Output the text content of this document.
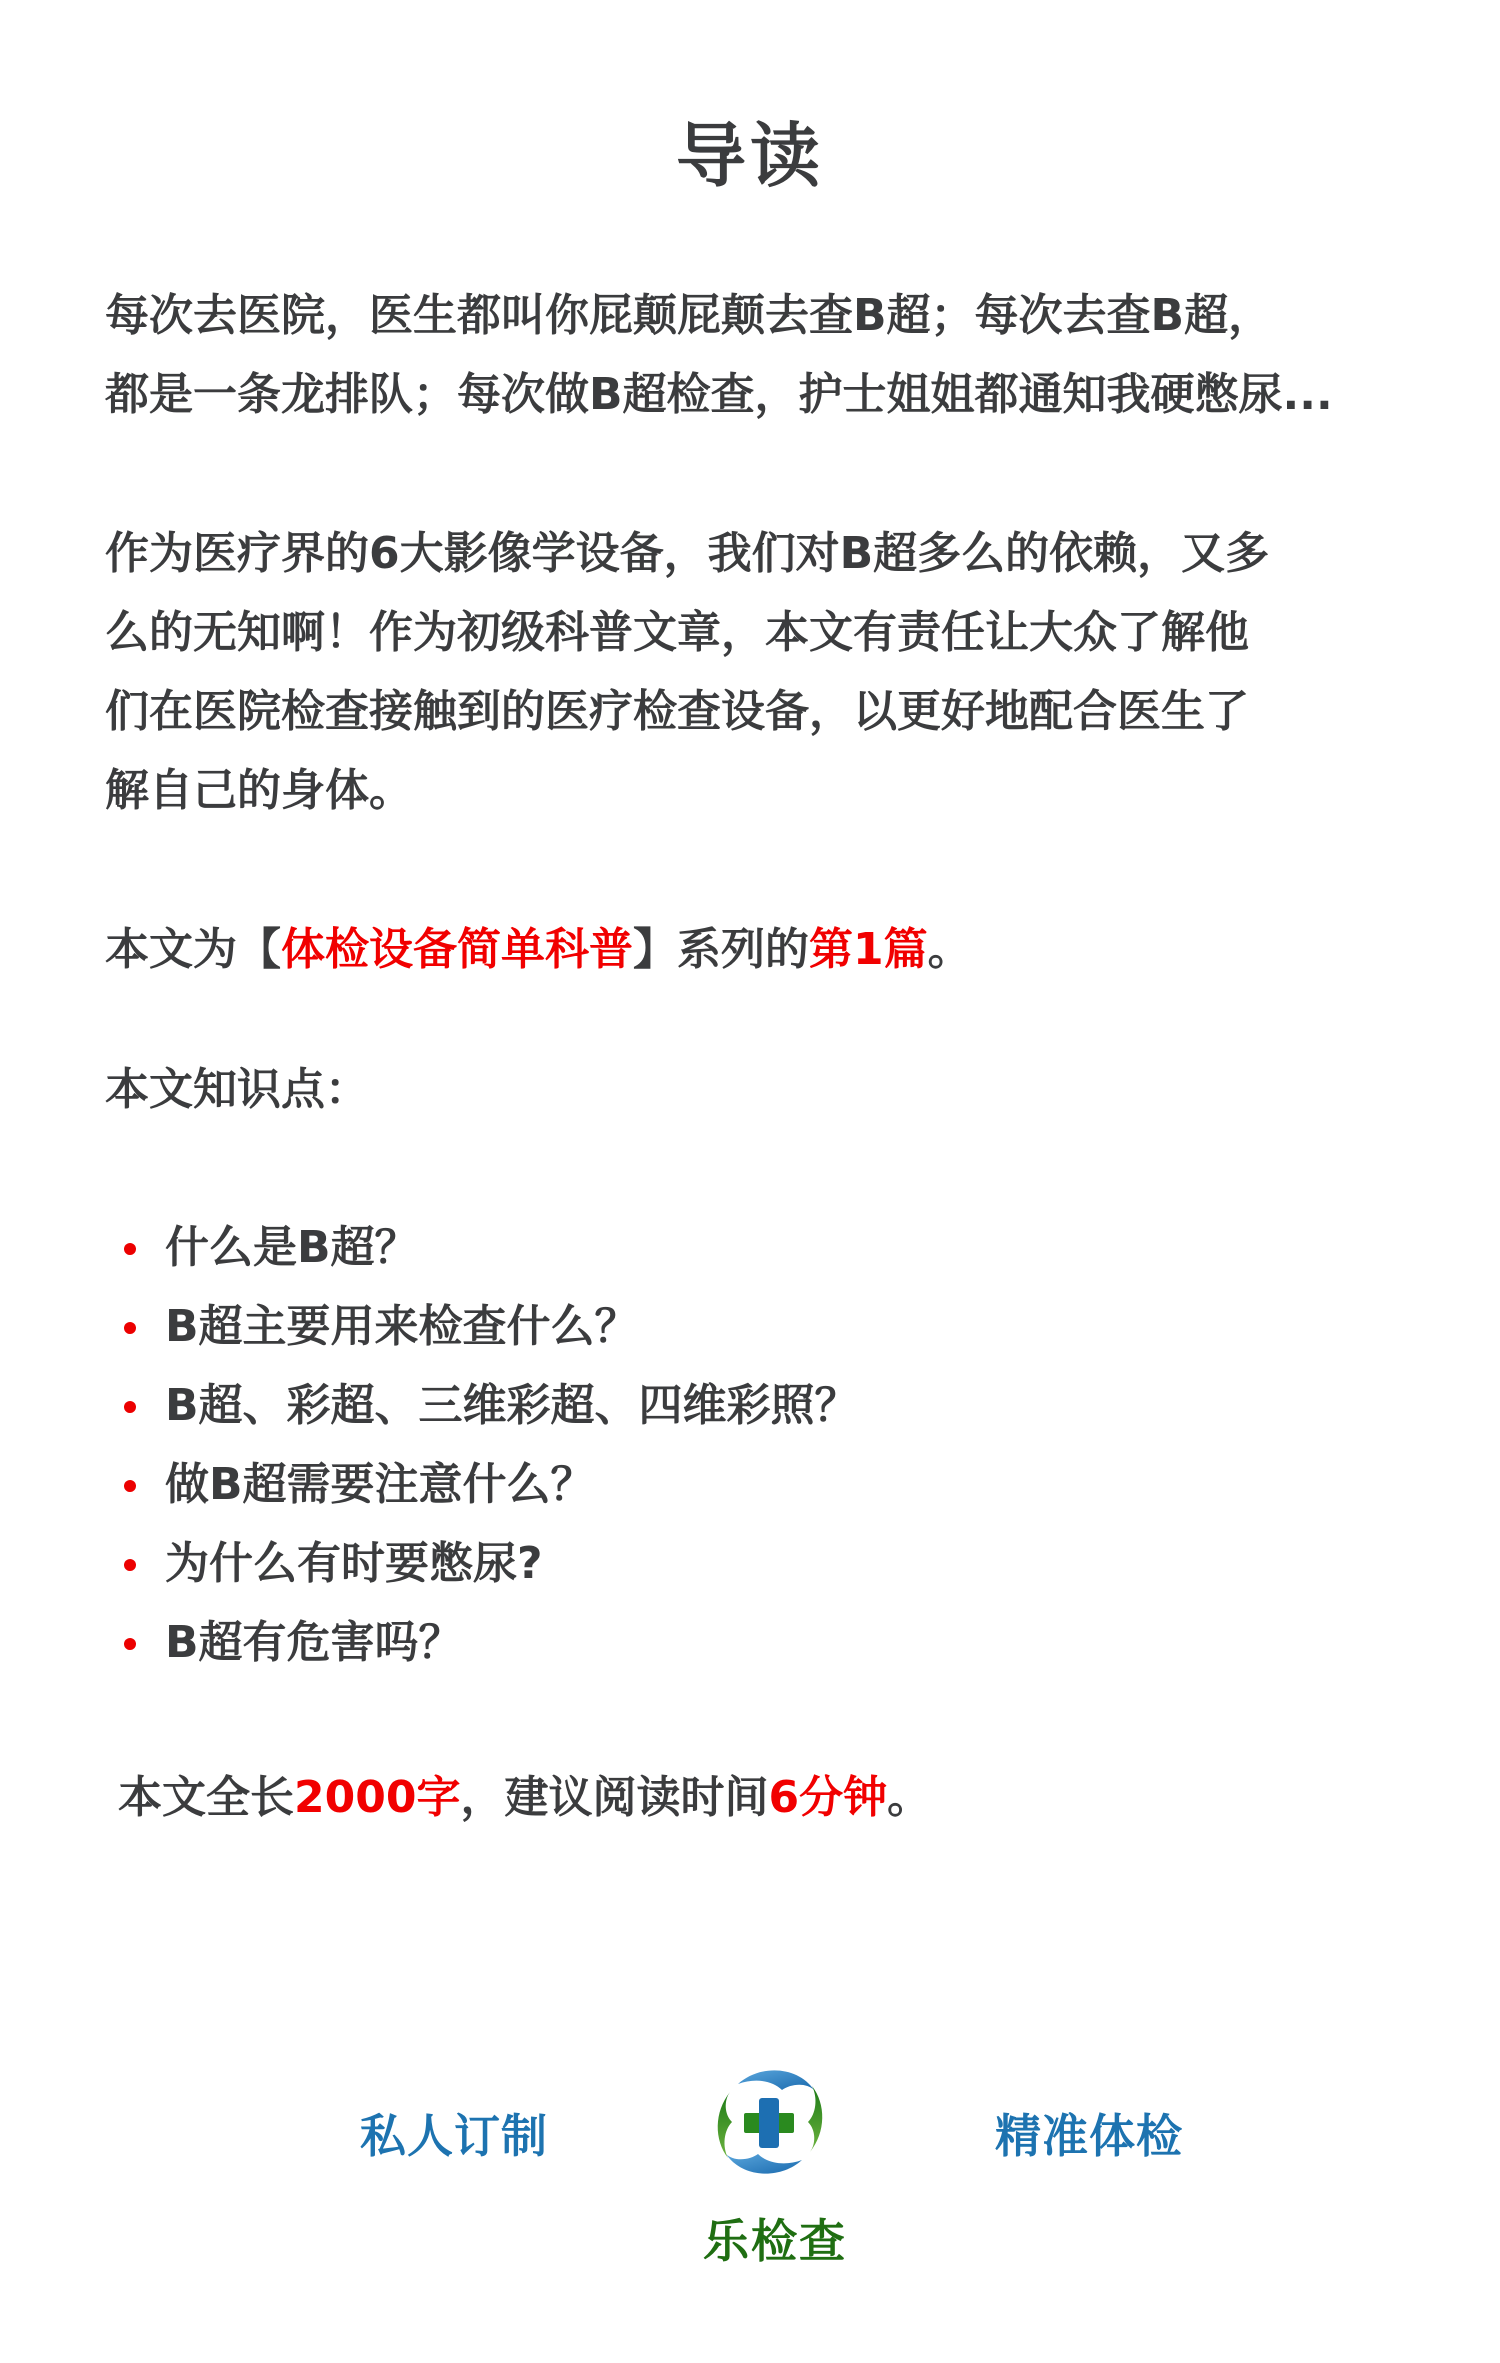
导读
每次去医院，医生都叫你屁颠屁颠去查B超；每次去查B超，
都是一条龙排队；每次做B超检查，护士姐姐都通知我硬憋尿...
作为医疗界的6大影像学设备，我们对B超多么的依赖，又多
么的无知啊！作为初级科普文章，本文有责任让大众了解他
们在医院检查接触到的医疗检查设备，以更好地配合医生了
解自己的身体。
本文为【体检设备简单科普】系列的第1篇。
本文知识点：
什么是B超？
B超主要用来检查什么？
B超、彩超、三维彩超、四维彩照？
做B超需要注意什么？
为什么有时要憋尿?
B超有危害吗？
本文全长2000字，建议阅读时间6分钟。
私人订制	精准体检
乐检查
